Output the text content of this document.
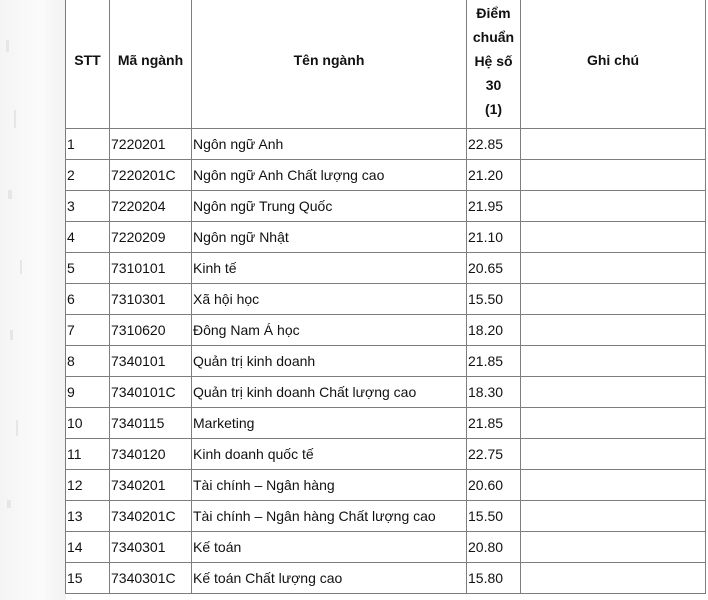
STT	Mã ngành	Tên ngành	Điểm
chuẩn
Hệ số
30
(1)	Ghi chú
1	7220201	Ngôn ngữ Anh	22.85	
2	7220201C	Ngôn ngữ Anh Chất lượng cao	21.20	
3	7220204	Ngôn ngữ Trung Quốc	21.95	
4	7220209	Ngôn ngữ Nhật	21.10	
5	7310101	Kinh tế	20.65	
6	7310301	Xã hội học	15.50	
7	7310620	Đông Nam Á học	18.20	
8	7340101	Quản trị kinh doanh	21.85	
9	7340101C	Quản trị kinh doanh Chất lượng cao	18.30	
10	7340115	Marketing	21.85	
11	7340120	Kinh doanh quốc tế	22.75	
12	7340201	Tài chính – Ngân hàng	20.60	
13	7340201C	Tài chính – Ngân hàng Chất lượng cao	15.50	
14	7340301	Kế toán	20.80	
15	7340301C	Kế toán Chất lượng cao	15.80	
